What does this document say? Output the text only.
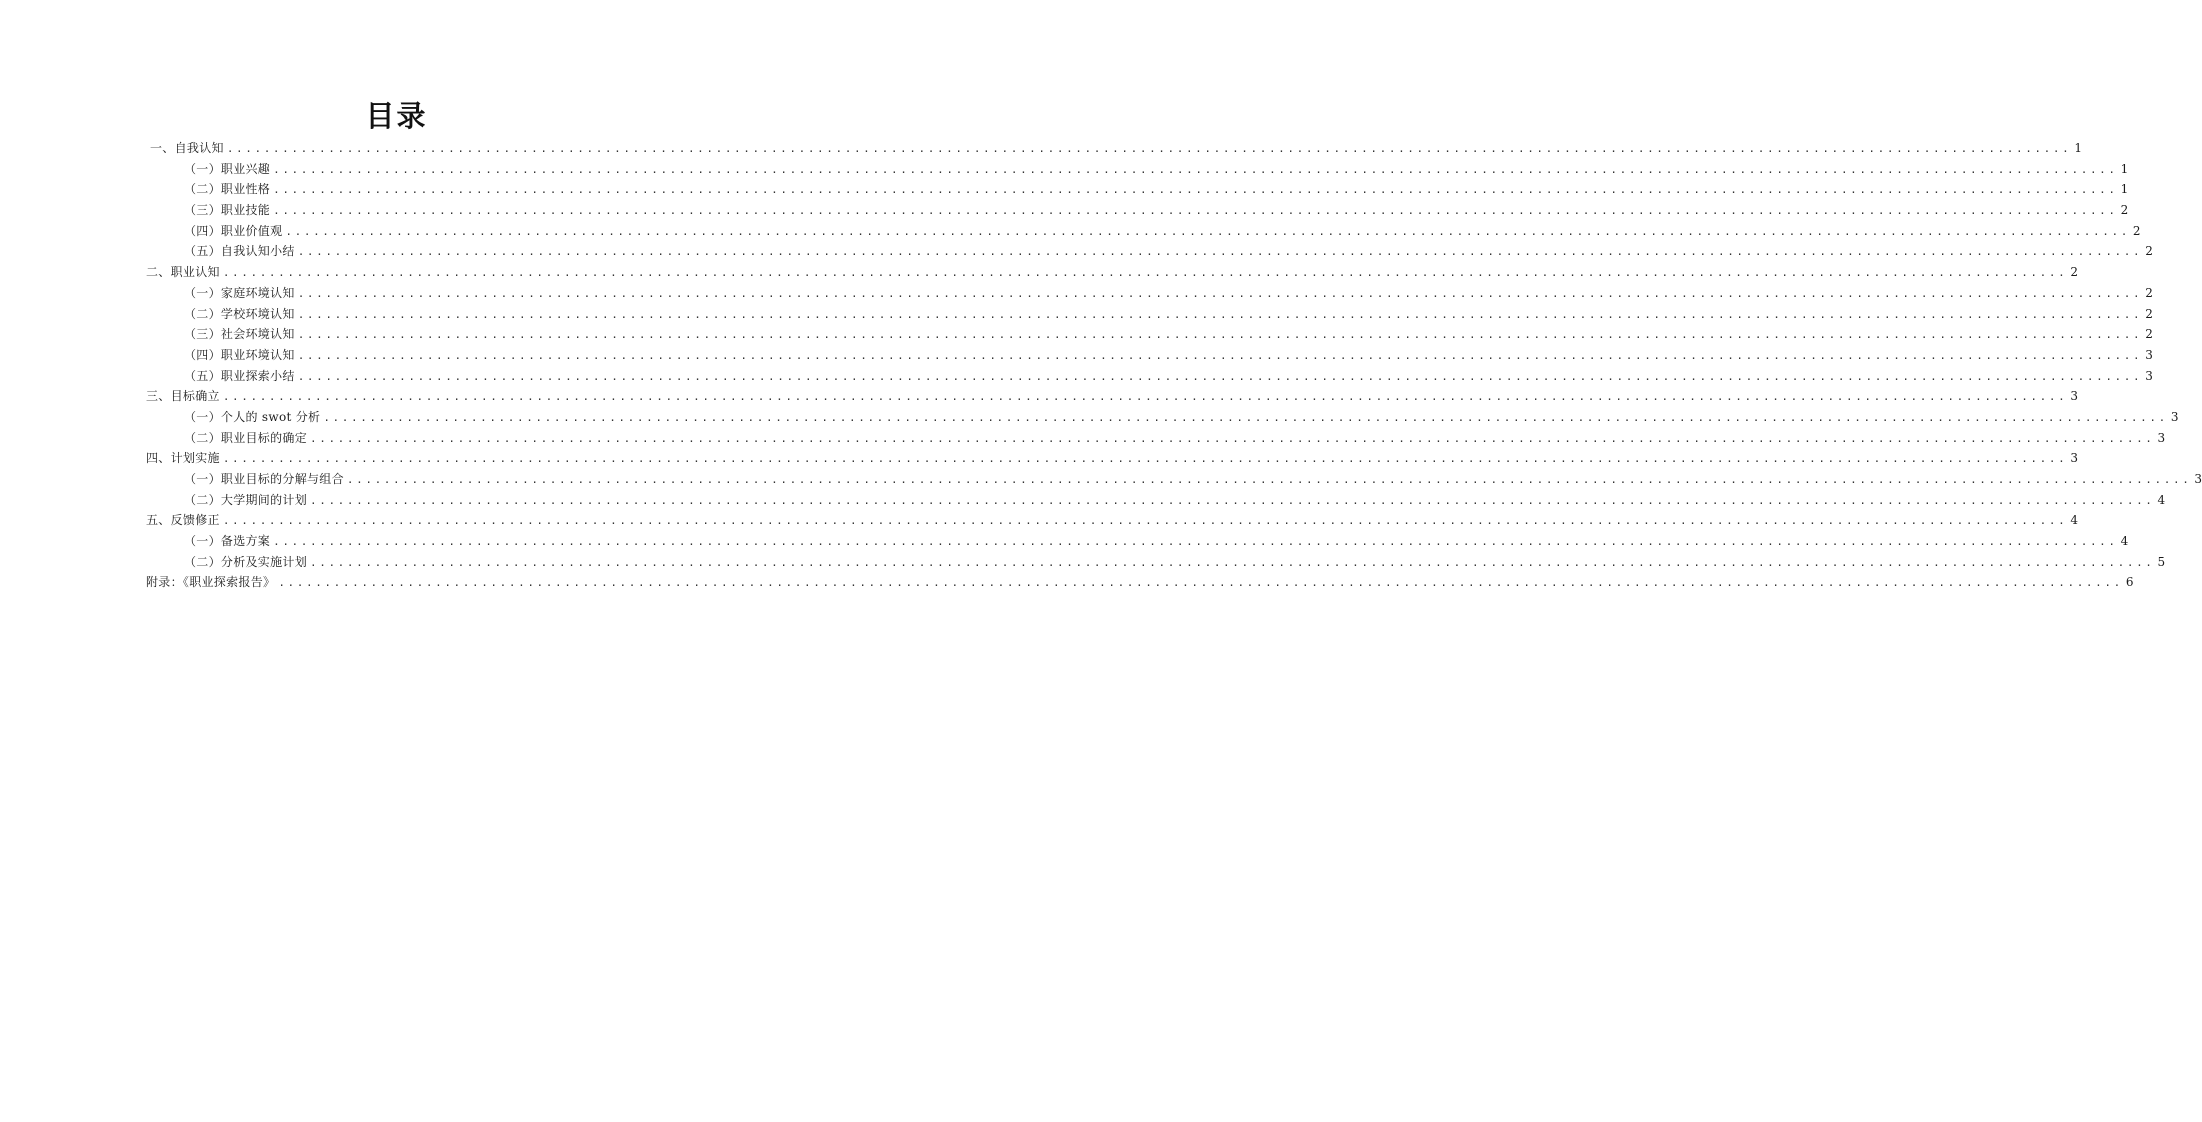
目录
一、自我认知 ........................................................................................................................................................................................................ 1
（一）职业兴趣 ........................................................................................................................................................................................................ 1
（二）职业性格 ........................................................................................................................................................................................................ 1
（三）职业技能 ........................................................................................................................................................................................................ 2
（四）职业价值观 ........................................................................................................................................................................................................ 2
（五）自我认知小结 ........................................................................................................................................................................................................ 2
二、职业认知 ........................................................................................................................................................................................................ 2
（一）家庭环境认知 ........................................................................................................................................................................................................ 2
（二）学校环境认知 ........................................................................................................................................................................................................ 2
（三）社会环境认知 ........................................................................................................................................................................................................ 2
（四）职业环境认知 ........................................................................................................................................................................................................ 3
（五）职业探索小结 ........................................................................................................................................................................................................ 3
三、目标确立 ........................................................................................................................................................................................................ 3
（一）个人的 swot 分析 ........................................................................................................................................................................................................ 3
（二）职业目标的确定 ........................................................................................................................................................................................................ 3
四、计划实施 ........................................................................................................................................................................................................ 3
（一）职业目标的分解与组合 ........................................................................................................................................................................................................ 3
（二）大学期间的计划 ........................................................................................................................................................................................................ 4
五、反馈修正 ........................................................................................................................................................................................................ 4
（一）备选方案 ........................................................................................................................................................................................................ 4
（二）分析及实施计划 ........................................................................................................................................................................................................ 5
附录：《职业探索报告》 ........................................................................................................................................................................................................ 6
